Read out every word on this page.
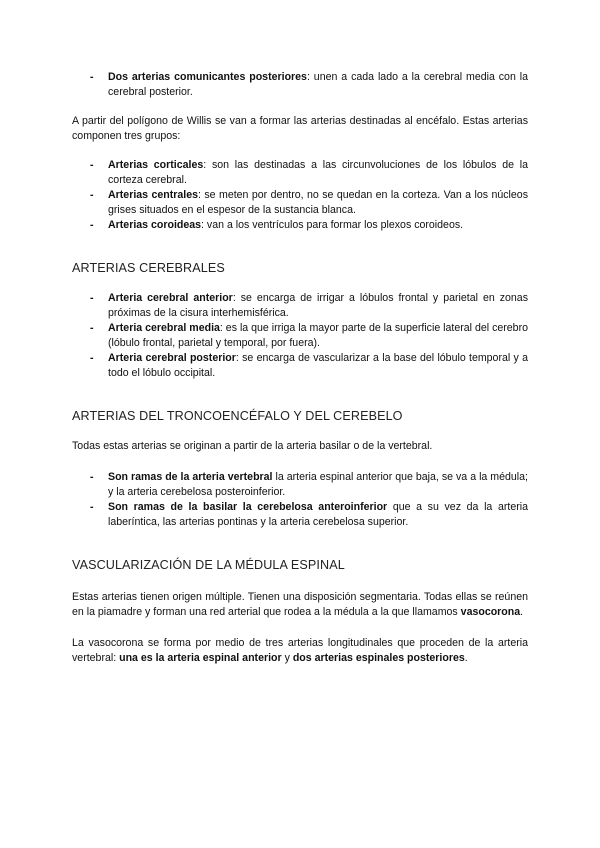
- Dos arterias comunicantes posteriores: unen a cada lado a la cerebral media con la cerebral posterior.

A partir del polígono de Willis se van a formar las arterias destinadas al encéfalo. Estas arterias componen tres grupos:

- Arterias corticales: son las destinadas a las circunvoluciones de los lóbulos de la corteza cerebral.
- Arterias centrales: se meten por dentro, no se quedan en la corteza. Van a los núcleos grises situados en el espesor de la sustancia blanca.
- Arterias coroideas: van a los ventrículos para formar los plexos coroideos.
ARTERIAS CEREBRALES
- Arteria cerebral anterior: se encarga de irrigar a lóbulos frontal y parietal en zonas próximas de la cisura interhemisférica.
- Arteria cerebral media: es la que irriga la mayor parte de la superficie lateral del cerebro (lóbulo frontal, parietal y temporal, por fuera).
- Arteria cerebral posterior: se encarga de vascularizar a la base del lóbulo temporal y a todo el lóbulo occipital.
ARTERIAS DEL TRONCOENCÉFALO Y DEL CEREBELO

Todas estas arterias se originan a partir de la arteria basilar o de la vertebral.

- Son ramas de la arteria vertebral la arteria espinal anterior que baja, se va a la médula; y la arteria cerebelosa posteroinferior.
- Son ramas de la basilar la cerebelosa anteroinferior que a su vez da la arteria laberíntica, las arterias pontinas y la arteria cerebelosa superior.
VASCULARIZACIÓN DE LA MÉDULA ESPINAL

Estas arterias tienen origen múltiple. Tienen una disposición segmentaria. Todas ellas se reúnen en la piamadre y forman una red arterial que rodea a la médula a la que llamamos vasocorona.

La vasocorona se forma por medio de tres arterias longitudinales que proceden de la arteria vertebral: una es la arteria espinal anterior y dos arterias espinales posteriores.
